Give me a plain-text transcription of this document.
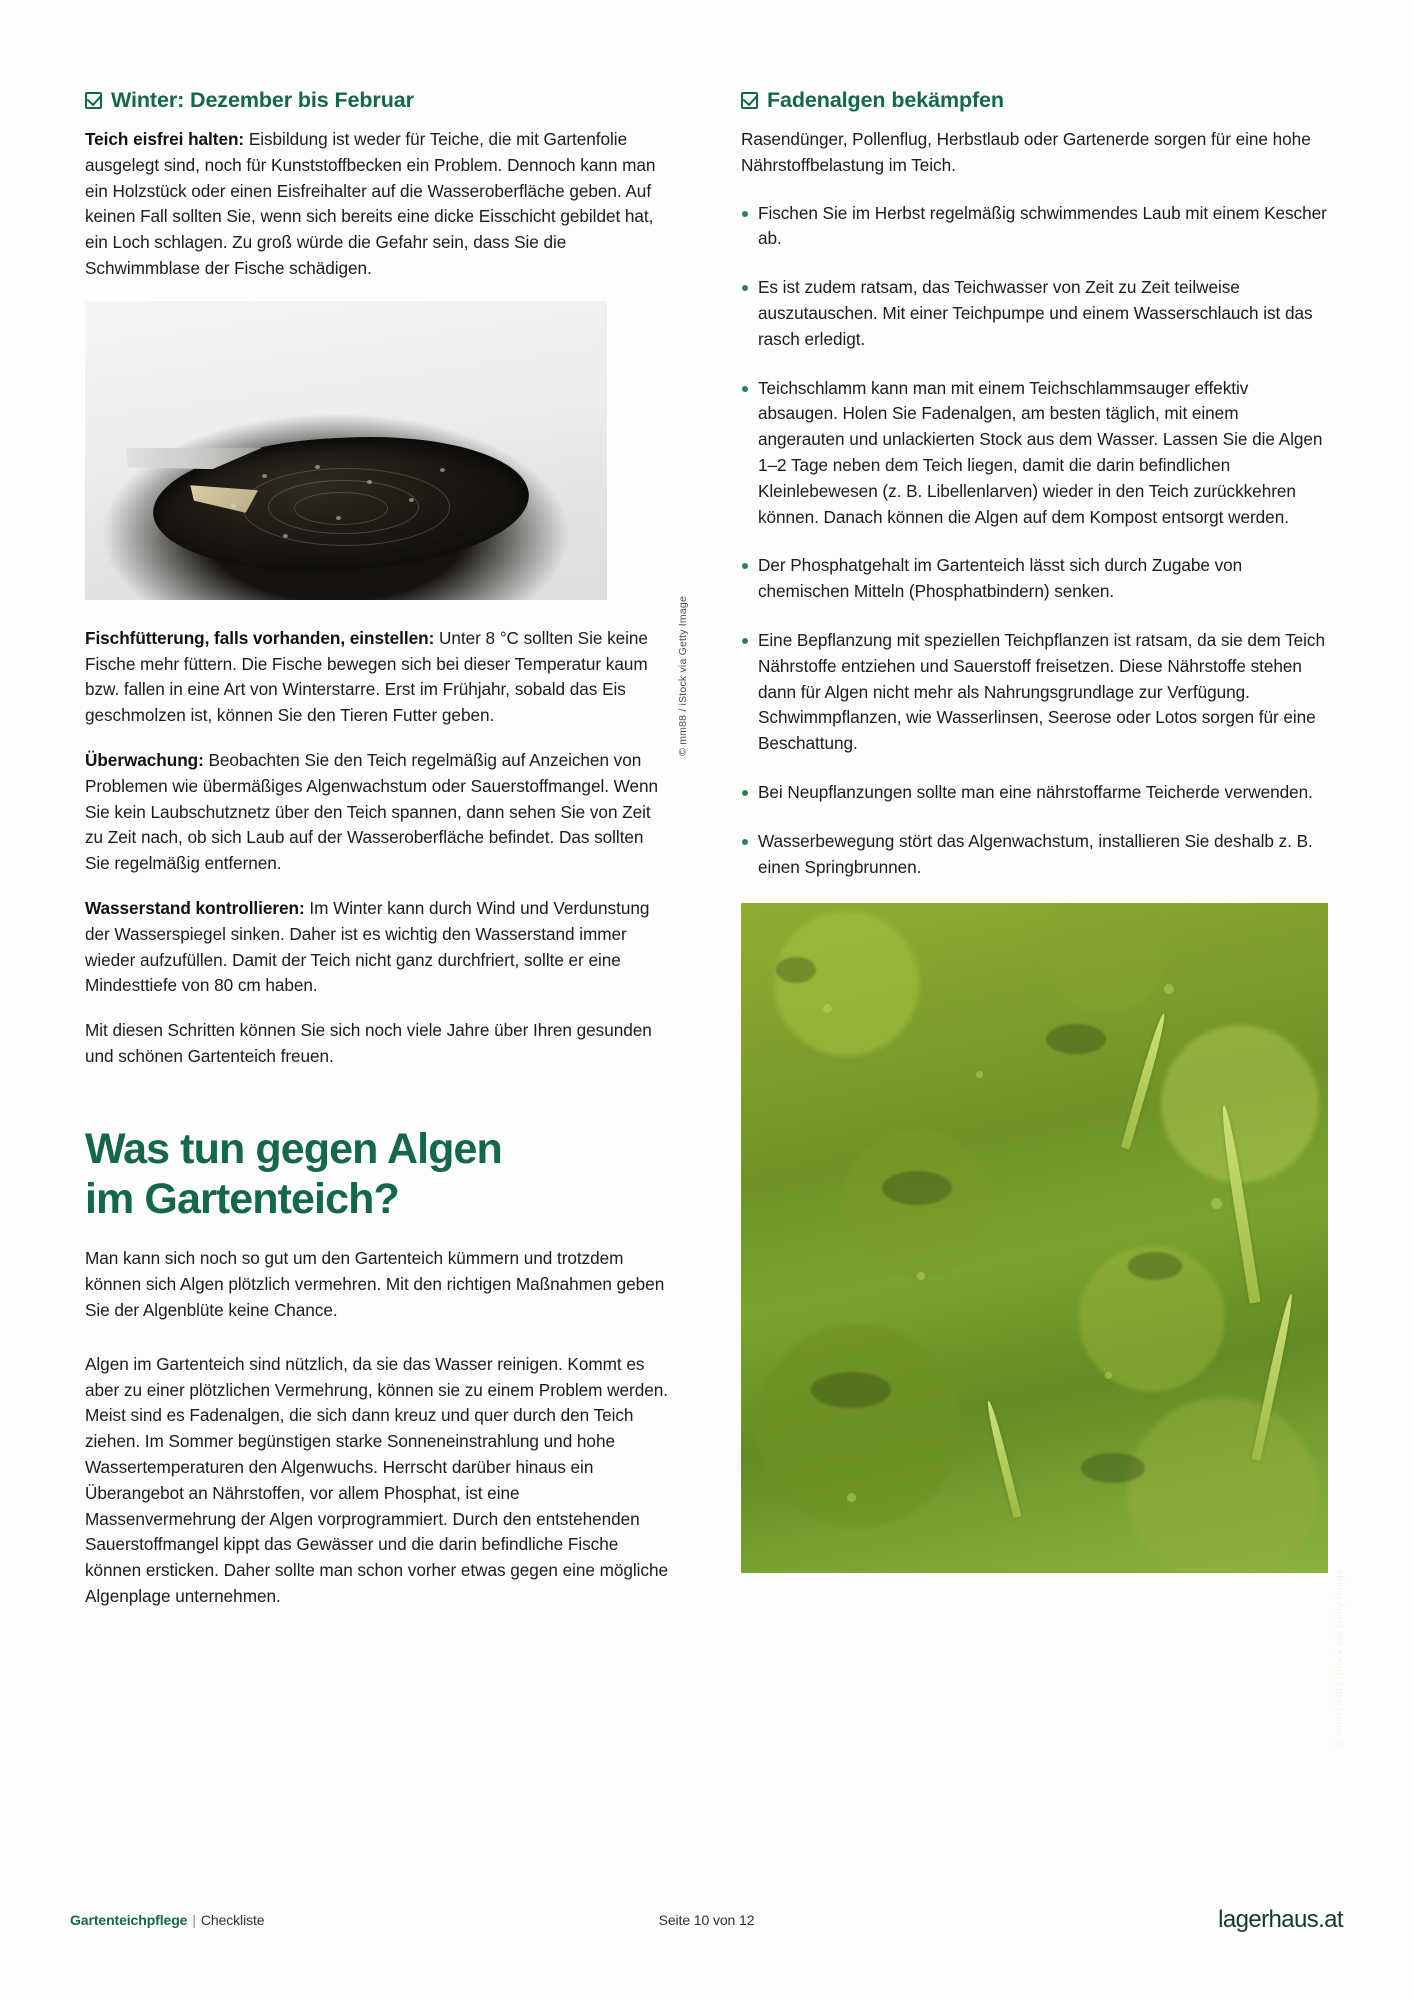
Winter: Dezember bis Februar

Teich eisfrei halten: Eisbildung ist weder für Teiche, die mit Gartenfolie ausgelegt sind, noch für Kunststoffbecken ein Problem. Dennoch kann man ein Holzstück oder einen Eisfreihalter auf die Wasseroberfläche geben. Auf keinen Fall sollten Sie, wenn sich bereits eine dicke Eisschicht gebildet hat, ein Loch schlagen. Zu groß würde die Gefahr sein, dass Sie die Schwimmblase der Fische schädigen.

© mm88 / iStock via Getty Image

Fischfütterung, falls vorhanden, einstellen: Unter 8 °C sollten Sie keine Fische mehr füttern. Die Fische bewegen sich bei dieser Temperatur kaum bzw. fallen in eine Art von Winterstarre. Erst im Frühjahr, sobald das Eis geschmolzen ist, können Sie den Tieren Futter geben.

Überwachung: Beobachten Sie den Teich regelmäßig auf Anzeichen von Problemen wie übermäßiges Algenwachstum oder Sauerstoffmangel. Wenn Sie kein Laubschutznetz über den Teich spannen, dann sehen Sie von Zeit zu Zeit nach, ob sich Laub auf der Wasseroberfläche befindet. Das sollten Sie regelmäßig entfernen.

Wasserstand kontrollieren: Im Winter kann durch Wind und Verdunstung der Wasserspiegel sinken. Daher ist es wichtig den Wasserstand immer wieder aufzufüllen. Damit der Teich nicht ganz durchfriert, sollte er eine Mindesttiefe von 80 cm haben.

Mit diesen Schritten können Sie sich noch viele Jahre über Ihren gesunden und schönen Gartenteich freuen.

Was tun gegen Algen
im Gartenteich?

Man kann sich noch so gut um den Gartenteich kümmern und trotzdem können sich Algen plötzlich vermehren. Mit den richtigen Maßnahmen geben Sie der Algenblüte keine Chance.

Algen im Gartenteich sind nützlich, da sie das Wasser reinigen. Kommt es aber zu einer plötzlichen Vermehrung, können sie zu einem Problem werden. Meist sind es Fadenalgen, die sich dann kreuz und quer durch den Teich ziehen. Im Sommer begünstigen starke Sonneneinstrahlung und hohe Wassertemperaturen den Algenwuchs. Herrscht darüber hinaus ein Überangebot an Nährstoffen, vor allem Phosphat, ist eine Massenvermehrung der Algen vorprogrammiert. Durch den entstehenden Sauerstoffmangel kippt das Gewässer und die darin befindliche Fische können ersticken. Daher sollte man schon vorher etwas gegen eine mögliche Algenplage unternehmen.

Fadenalgen bekämpfen

Rasendünger, Pollenflug, Herbstlaub oder Gartenerde sorgen für eine hohe Nährstoffbelastung im Teich.

Fischen Sie im Herbst regelmäßig schwimmendes Laub mit einem Kescher ab.
Es ist zudem ratsam, das Teichwasser von Zeit zu Zeit teilweise auszutauschen. Mit einer Teichpumpe und einem Wasserschlauch ist das rasch erledigt.
Teichschlamm kann man mit einem Teichschlammsauger effektiv absaugen. Holen Sie Fadenalgen, am besten täglich, mit einem angerauten und unlackierten Stock aus dem Wasser. Lassen Sie die Algen 1–2 Tage neben dem Teich liegen, damit die darin befindlichen Kleinlebewesen (z. B. Libellenlarven) wieder in den Teich zurückkehren können. Danach können die Algen auf dem Kompost entsorgt werden.
Der Phosphatgehalt im Gartenteich lässt sich durch Zugabe von chemischen Mitteln (Phosphatbindern) senken.
Eine Bepflanzung mit speziellen Teichpflanzen ist ratsam, da sie dem Teich Nährstoffe entziehen und Sauerstoff freisetzen. Diese Nährstoffe stehen dann für Algen nicht mehr als Nahrungsgrundlage zur Verfügung. Schwimmpflanzen, wie Wasserlinsen, Seerose oder Lotos sorgen für eine Beschattung.
Bei Neupflanzungen sollte man eine nährstoffarme Teicherde verwenden.
Wasserbewegung stört das Algenwachstum, installieren Sie deshalb z. B. einen Springbrunnen.
© emer1940 / iStock via Getty Image
Gartenteichpflege | Checkliste	Seite 10 von 12	lagerhaus.at
